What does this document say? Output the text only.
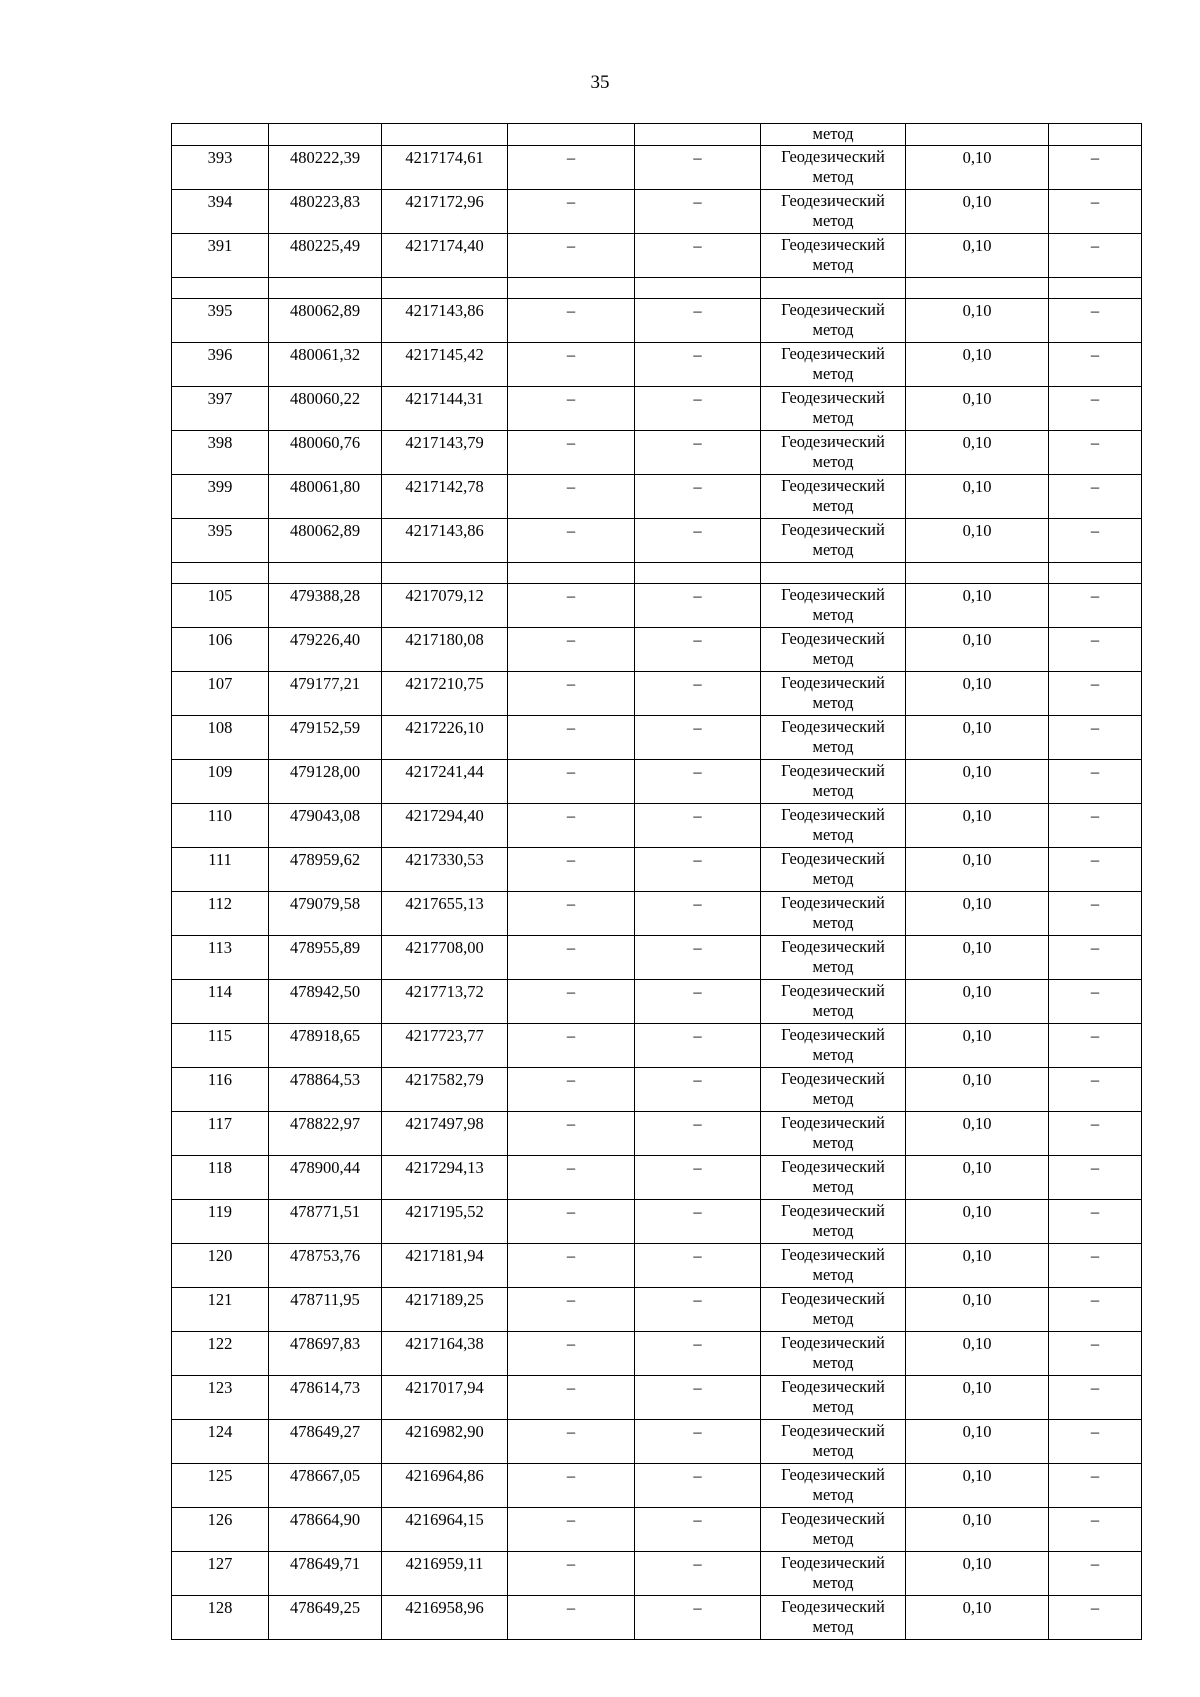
35
					метод		
393	480222,39	4217174,61	–	–	Геодезический
метод	0,10	–
394	480223,83	4217172,96	–	–	Геодезический
метод	0,10	–
391	480225,49	4217174,40	–	–	Геодезический
метод	0,10	–

395	480062,89	4217143,86	–	–	Геодезический
метод	0,10	–
396	480061,32	4217145,42	–	–	Геодезический
метод	0,10	–
397	480060,22	4217144,31	–	–	Геодезический
метод	0,10	–
398	480060,76	4217143,79	–	–	Геодезический
метод	0,10	–
399	480061,80	4217142,78	–	–	Геодезический
метод	0,10	–
395	480062,89	4217143,86	–	–	Геодезический
метод	0,10	–

105	479388,28	4217079,12	–	–	Геодезический
метод	0,10	–
106	479226,40	4217180,08	–	–	Геодезический
метод	0,10	–
107	479177,21	4217210,75	–	–	Геодезический
метод	0,10	–
108	479152,59	4217226,10	–	–	Геодезический
метод	0,10	–
109	479128,00	4217241,44	–	–	Геодезический
метод	0,10	–
110	479043,08	4217294,40	–	–	Геодезический
метод	0,10	–
111	478959,62	4217330,53	–	–	Геодезический
метод	0,10	–
112	479079,58	4217655,13	–	–	Геодезический
метод	0,10	–
113	478955,89	4217708,00	–	–	Геодезический
метод	0,10	–
114	478942,50	4217713,72	–	–	Геодезический
метод	0,10	–
115	478918,65	4217723,77	–	–	Геодезический
метод	0,10	–
116	478864,53	4217582,79	–	–	Геодезический
метод	0,10	–
117	478822,97	4217497,98	–	–	Геодезический
метод	0,10	–
118	478900,44	4217294,13	–	–	Геодезический
метод	0,10	–
119	478771,51	4217195,52	–	–	Геодезический
метод	0,10	–
120	478753,76	4217181,94	–	–	Геодезический
метод	0,10	–
121	478711,95	4217189,25	–	–	Геодезический
метод	0,10	–
122	478697,83	4217164,38	–	–	Геодезический
метод	0,10	–
123	478614,73	4217017,94	–	–	Геодезический
метод	0,10	–
124	478649,27	4216982,90	–	–	Геодезический
метод	0,10	–
125	478667,05	4216964,86	–	–	Геодезический
метод	0,10	–
126	478664,90	4216964,15	–	–	Геодезический
метод	0,10	–
127	478649,71	4216959,11	–	–	Геодезический
метод	0,10	–
128	478649,25	4216958,96	–	–	Геодезический
метод	0,10	–
